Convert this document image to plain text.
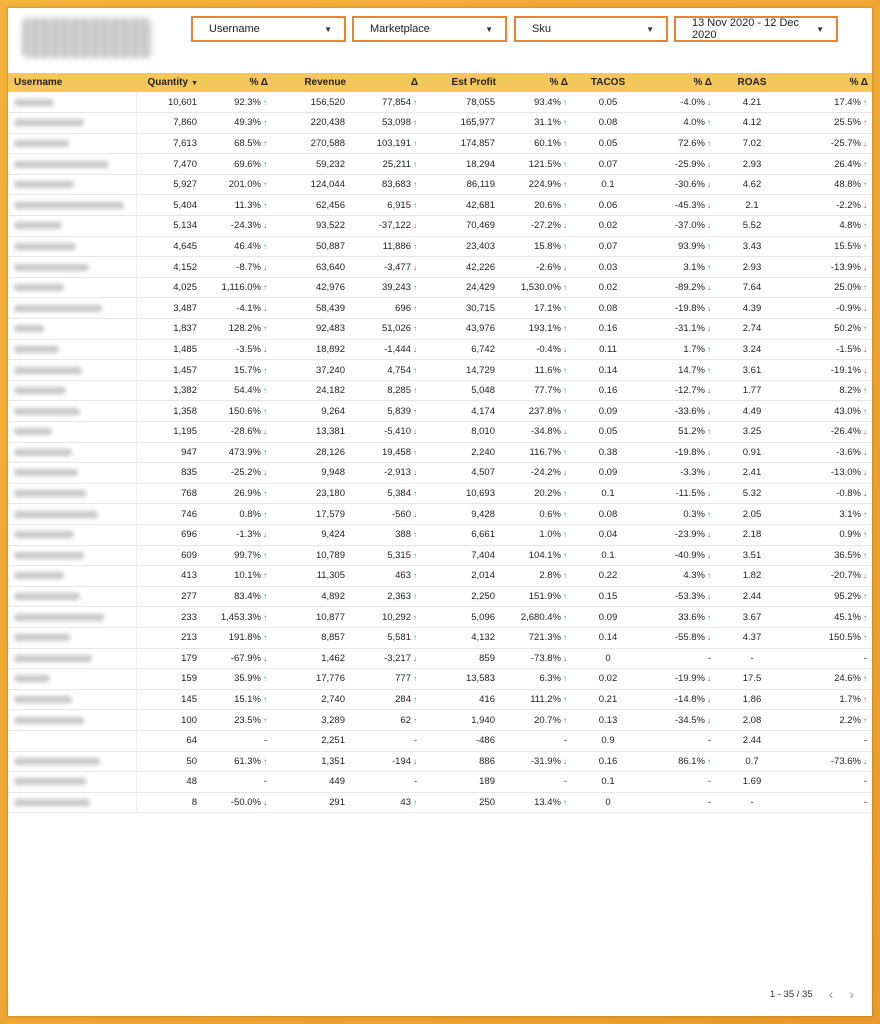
Username	▼	Marketplace	▼	Sku	▼	13 Nov 2020 - 12 Dec 2020	▼
Username	Quantity ▼	% Δ	Revenue	Δ	Est Profit	% Δ	TACOS	% Δ	ROAS	% Δ
	10,601	92.3% ↑	156,520	77,854 ↑	78,055	93.4% ↑	0.05	-4.0% ↓	4.21	17.4% ↑
	7,860	49.3% ↑	220,438	53,098 ↑	165,977	31.1% ↑	0.08	4.0% ↑	4.12	25.5% ↑
	7,613	68.5% ↑	270,588	103,191 ↑	174,857	60.1% ↑	0.05	72.6% ↑	7.02	-25.7% ↓
	7,470	69.6% ↑	59,232	25,211 ↑	18,294	121.5% ↑	0.07	-25.9% ↓	2.93	26.4% ↑
	5,927	201.0% ↑	124,044	83,683 ↑	86,119	224.9% ↑	0.1	-30.6% ↓	4.62	48.8% ↑
	5,404	11.3% ↑	62,456	6,915 ↑	42,681	20.6% ↑	0.06	-45.3% ↓	2.1	-2.2% ↓
	5,134	-24.3% ↓	93,522	-37,122 ↓	70,469	-27.2% ↓	0.02	-37.0% ↓	5.52	4.8% ↑
	4,645	46.4% ↑	50,887	11,886 ↑	23,403	15.8% ↑	0.07	93.9% ↑	3.43	15.5% ↑
	4,152	-8.7% ↓	63,640	-3,477 ↓	42,226	-2.6% ↓	0.03	3.1% ↑	2.93	-13.9% ↓
	4,025	1,116.0% ↑	42,976	39,243 ↑	24,429	1,530.0% ↑	0.02	-89.2% ↓	7.64	25.0% ↑
	3,487	-4.1% ↓	58,439	696 ↑	30,715	17.1% ↑	0.08	-19.8% ↓	4.39	-0.9% ↓
	1,837	128.2% ↑	92,483	51,026 ↑	43,976	193.1% ↑	0.16	-31.1% ↓	2.74	50.2% ↑
	1,485	-3.5% ↓	18,892	-1,444 ↓	6,742	-0.4% ↓	0.11	1.7% ↑	3.24	-1.5% ↓
	1,457	15.7% ↑	37,240	4,754 ↑	14,729	11.6% ↑	0.14	14.7% ↑	3.61	-19.1% ↓
	1,382	54.4% ↑	24,182	8,285 ↑	5,048	77.7% ↑	0.16	-12.7% ↓	1.77	8.2% ↑
	1,358	150.6% ↑	9,264	5,839 ↑	4,174	237.8% ↑	0.09	-33.6% ↓	4.49	43.0% ↑
	1,195	-28.6% ↓	13,381	-5,410 ↓	8,010	-34.8% ↓	0.05	51.2% ↑	3.25	-26.4% ↓
	947	473.9% ↑	28,126	19,458 ↑	2,240	116.7% ↑	0.38	-19.8% ↓	0.91	-3.6% ↓
	835	-25.2% ↓	9,948	-2,913 ↓	4,507	-24.2% ↓	0.09	-3.3% ↓	2.41	-13.0% ↓
	768	26.9% ↑	23,180	5,384 ↑	10,693	20.2% ↑	0.1	-11.5% ↓	5.32	-0.8% ↓
	746	0.8% ↑	17,579	-560 ↓	9,428	0.6% ↑	0.08	0.3% ↑	2.05	3.1% ↑
	696	-1.3% ↓	9,424	388 ↑	6,661	1.0% ↑	0.04	-23.9% ↓	2.18	0.9% ↑
	609	99.7% ↑	10,789	5,315 ↑	7,404	104.1% ↑	0.1	-40.9% ↓	3.51	36.5% ↑
	413	10.1% ↑	11,305	463 ↑	2,014	2.8% ↑	0.22	4.3% ↑	1.82	-20.7% ↓
	277	83.4% ↑	4,892	2,363 ↑	2,250	151.9% ↑	0.15	-53.3% ↓	2.44	95.2% ↑
	233	1,453.3% ↑	10,877	10,292 ↑	5,096	2,680.4% ↑	0.09	33.6% ↑	3.67	45.1% ↑
	213	191.8% ↑	8,857	5,581 ↑	4,132	721.3% ↑	0.14	-55.8% ↓	4.37	150.5% ↑
	179	-67.9% ↓	1,462	-3,217 ↓	859	-73.8% ↓	0	-	-	-
	159	35.9% ↑	17,776	777 ↑	13,583	6.3% ↑	0.02	-19.9% ↓	17.5	24.6% ↑
	145	15.1% ↑	2,740	284 ↑	416	111.2% ↑	0.21	-14.8% ↓	1.86	1.7% ↑
	100	23.5% ↑	3,289	62 ↑	1,940	20.7% ↑	0.13	-34.5% ↓	2.08	2.2% ↑
	64	-	2,251	-	-486	-	0.9	-	2.44	-
	50	61.3% ↑	1,351	-194 ↓	886	-31.9% ↓	0.16	86.1% ↑	0.7	-73.6% ↓
	48	-	449	-	189	-	0.1	-	1.69	-
	8	-50.0% ↓	291	43 ↑	250	13.4% ↑	0	-	-	-
1 - 35 / 35 ‹ ›
